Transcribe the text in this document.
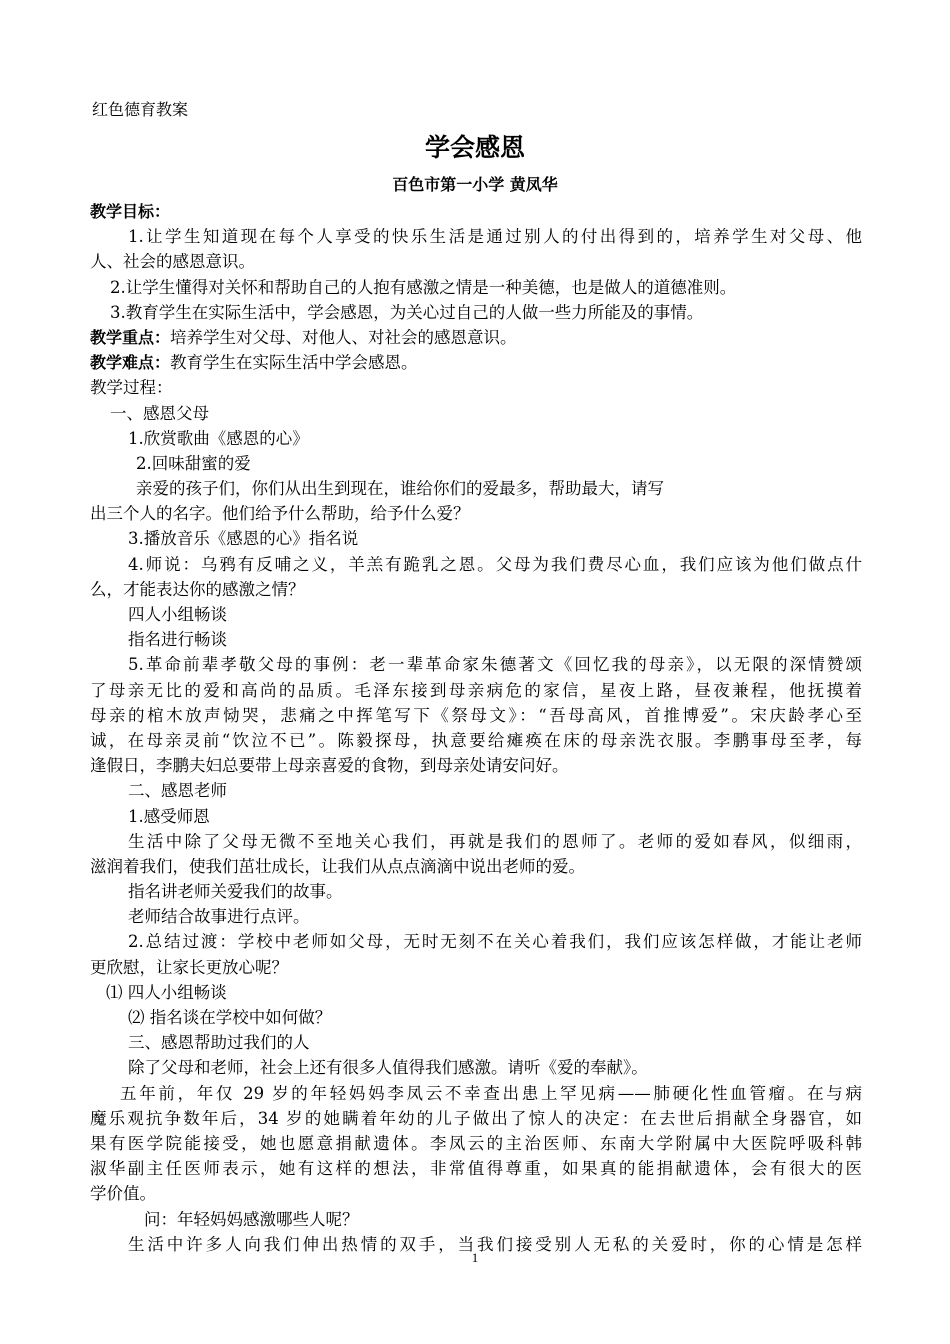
红色德育教案
学会感恩
百色市第一小学 黄凤华
教学目标：
1.让学生知道现在每个人享受的快乐生活是通过别人的付出得到的，培养学生对父母、他
人、社会的感恩意识。
2.让学生懂得对关怀和帮助自己的人抱有感激之情是一种美德，也是做人的道德准则。
3.教育学生在实际生活中，学会感恩，为关心过自己的人做一些力所能及的事情。
教学重点：培养学生对父母、对他人、对社会的感恩意识。
教学难点：教育学生在实际生活中学会感恩。
教学过程：
一、感恩父母
1.欣赏歌曲《感恩的心》
2.回味甜蜜的爱
亲爱的孩子们，你们从出生到现在，谁给你们的爱最多，帮助最大，请写
出三个人的名字。他们给予什么帮助，给予什么爱？
3.播放音乐《感恩的心》指名说
4.师说：乌鸦有反哺之义，羊羔有跪乳之恩。父母为我们费尽心血，我们应该为他们做点什
么，才能表达你的感激之情？
四人小组畅谈
指名进行畅谈
5.革命前辈孝敬父母的事例：老一辈革命家朱德著文《回忆我的母亲》，以无限的深情赞颂
了母亲无比的爱和高尚的品质。毛泽东接到母亲病危的家信，星夜上路，昼夜兼程，他抚摸着
母亲的棺木放声恸哭，悲痛之中挥笔写下《祭母文》：“吾母高风，首推博爱”。宋庆龄孝心至
诚，在母亲灵前“饮泣不已”。陈毅探母，执意要给瘫痪在床的母亲洗衣服。李鹏事母至孝，每
逢假日，李鹏夫妇总要带上母亲喜爱的食物，到母亲处请安问好。
二、感恩老师
1.感受师恩
生活中除了父母无微不至地关心我们，再就是我们的恩师了。老师的爱如春风，似细雨，
滋润着我们，使我们茁壮成长，让我们从点点滴滴中说出老师的爱。
指名讲老师关爱我们的故事。
老师结合故事进行点评。
2.总结过渡：学校中老师如父母，无时无刻不在关心着我们，我们应该怎样做，才能让老师
更欣慰，让家长更放心呢？
⑴ 四人小组畅谈
⑵ 指名谈在学校中如何做？
三、感恩帮助过我们的人
除了父母和老师，社会上还有很多人值得我们感激。请听《爱的奉献》。
五年前，年仅 29 岁的年轻妈妈李凤云不幸查出患上罕见病——肺硬化性血管瘤。在与病
魔乐观抗争数年后，34 岁的她瞒着年幼的儿子做出了惊人的决定：在去世后捐献全身器官，如
果有医学院能接受，她也愿意捐献遗体。李凤云的主治医师、东南大学附属中大医院呼吸科韩
淑华副主任医师表示，她有这样的想法，非常值得尊重，如果真的能捐献遗体，会有很大的医
学价值。
问：年轻妈妈感激哪些人呢？
生活中许多人向我们伸出热情的双手，当我们接受别人无私的关爱时，你的心情是怎样
1
